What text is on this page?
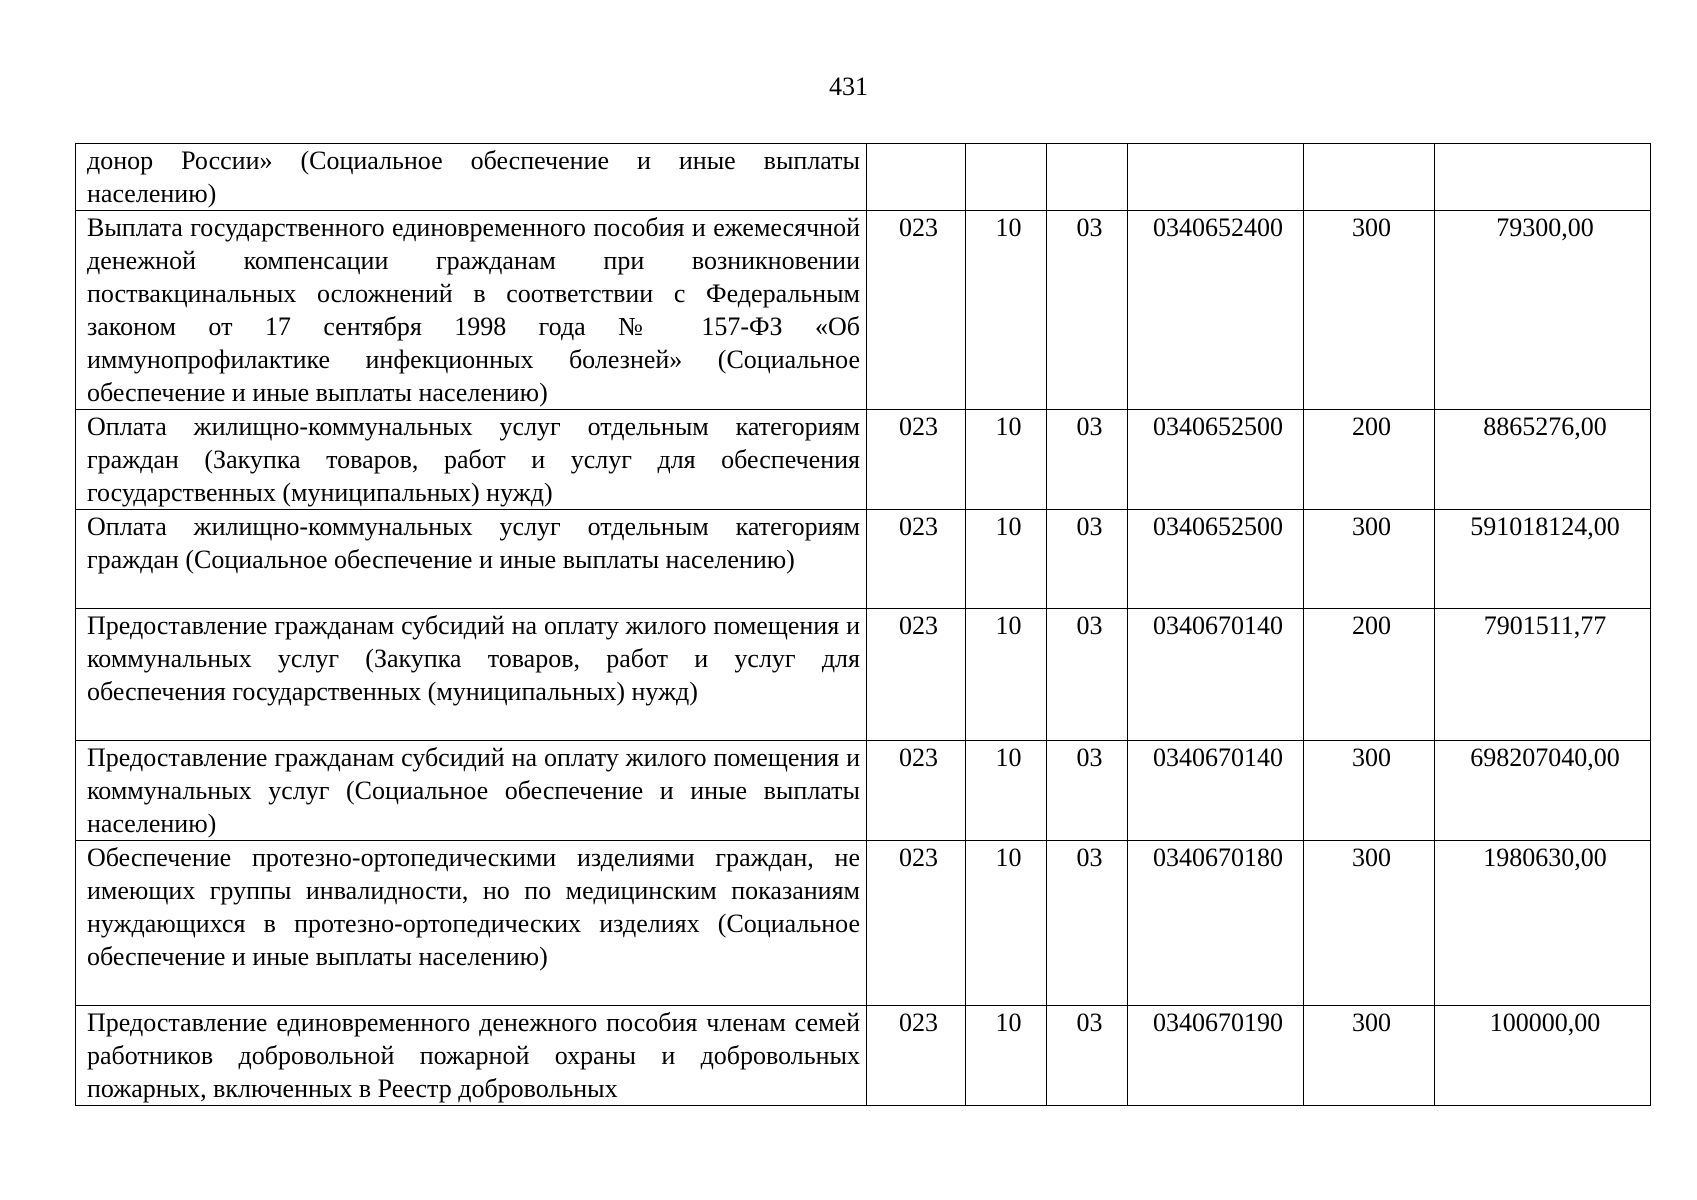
431
донор России» (Социальное обеспечение и иные выплаты населению)						
Выплата государственного единовременного пособия и ежемесячной денежной компенсации гражданам при возникновении поствакцинальных осложнений в соответствии с Федеральным законом от 17 сентября 1998 года № 157-ФЗ «Об иммунопрофилактике инфекционных болезней» (Социальное обеспечение и иные выплаты населению)	023	10	03	0340652400	300	79300,00
Оплата жилищно-коммунальных услуг отдельным категориям граждан (Закупка товаров, работ и услуг для обеспечения государственных (муниципальных) нужд)	023	10	03	0340652500	200	8865276,00
Оплата жилищно-коммунальных услуг отдельным категориям граждан (Социальное обеспечение и иные выплаты населению)	023	10	03	0340652500	300	591018124,00
Предоставление гражданам субсидий на оплату жилого помещения и коммунальных услуг (Закупка товаров, работ и услуг для обеспечения государственных (муниципальных) нужд)	023	10	03	0340670140	200	7901511,77
Предоставление гражданам субсидий на оплату жилого помещения и коммунальных услуг (Социальное обеспечение и иные выплаты населению)	023	10	03	0340670140	300	698207040,00
Обеспечение протезно-ортопедическими изделиями граждан, не имеющих группы инвалидности, но по медицинским показаниям нуждающихся в протезно-ортопедических изделиях (Социальное обеспечение и иные выплаты населению)	023	10	03	0340670180	300	1980630,00
Предоставление единовременного денежного пособия членам семей работников добровольной пожарной охраны и добровольных пожарных, включенных в Реестр добровольных	023	10	03	0340670190	300	100000,00
